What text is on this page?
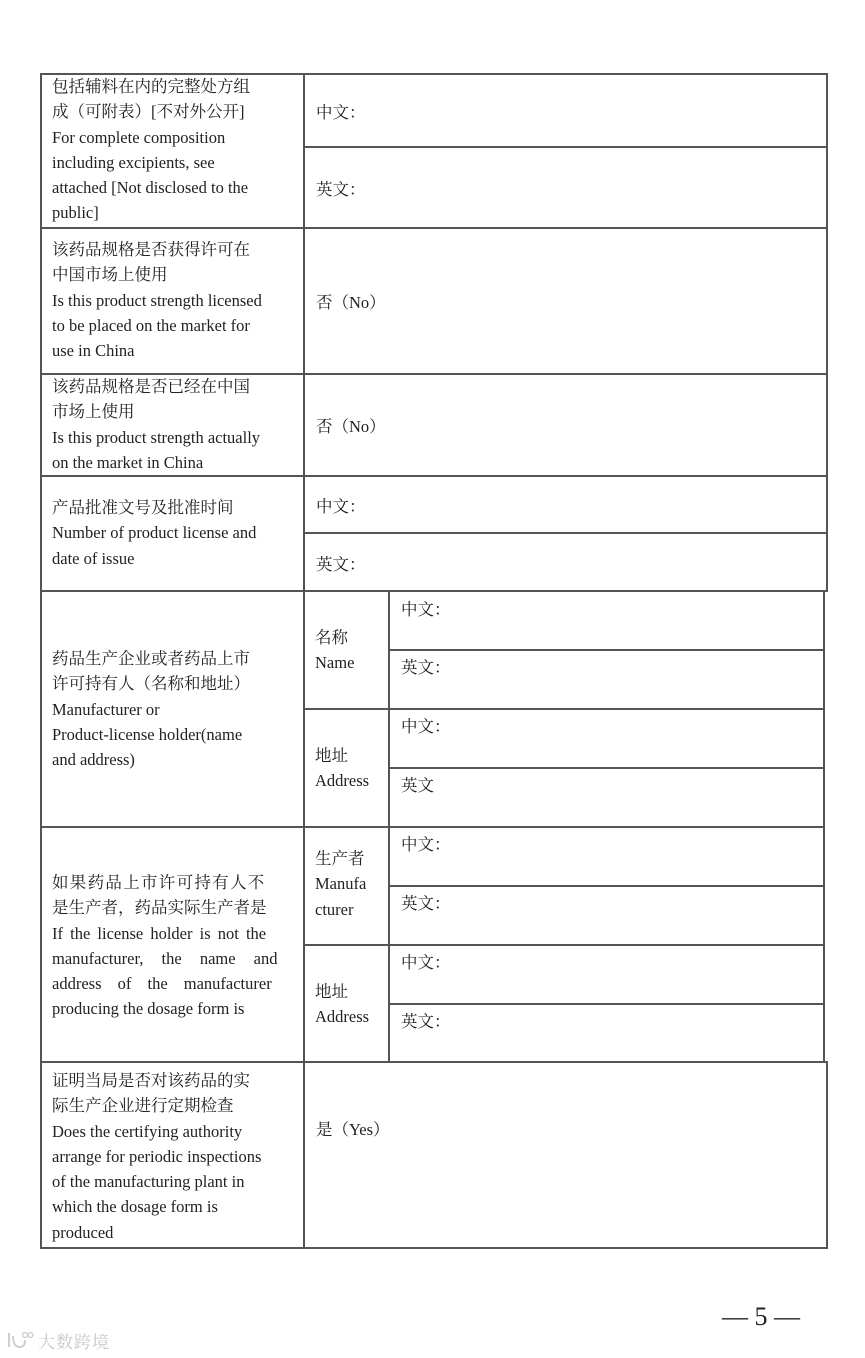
包括辅料在内的完整处方组
成（可附表）[不对外公开]
For complete composition
including excipients, see
attached [Not disclosed to the
public]
中文：
英文：
该药品规格是否获得许可在
中国市场上使用
Is this product strength licensed
to be placed on the market for
use in China
否（No）
该药品规格是否已经在中国
市场上使用
Is this product strength actually
on the market in China
否（No）
产品批准文号及批准时间
Number of product license and
date of issue
中文：
英文：
药品生产企业或者药品上市
许可持有人（名称和地址）
Manufacturer or
Product-license holder(name
and address)
名称
Name
中文：
英文：
地址
Address
中文：
英文
如果药品上市许可持有人不
是生产者，药品实际生产者是
If the license holder is not the
manufacturer, the name and
address of the manufacturer
producing the dosage form is
生产者
Manufa
cturer
中文：
英文：
地址
Address
中文：
英文：
证明当局是否对该药品的实
际生产企业进行定期检查
Does the certifying authority
arrange for periodic inspections
of the manufacturing plant in
which the dosage form is
produced
是（Yes）
— 5 —
大数跨境
